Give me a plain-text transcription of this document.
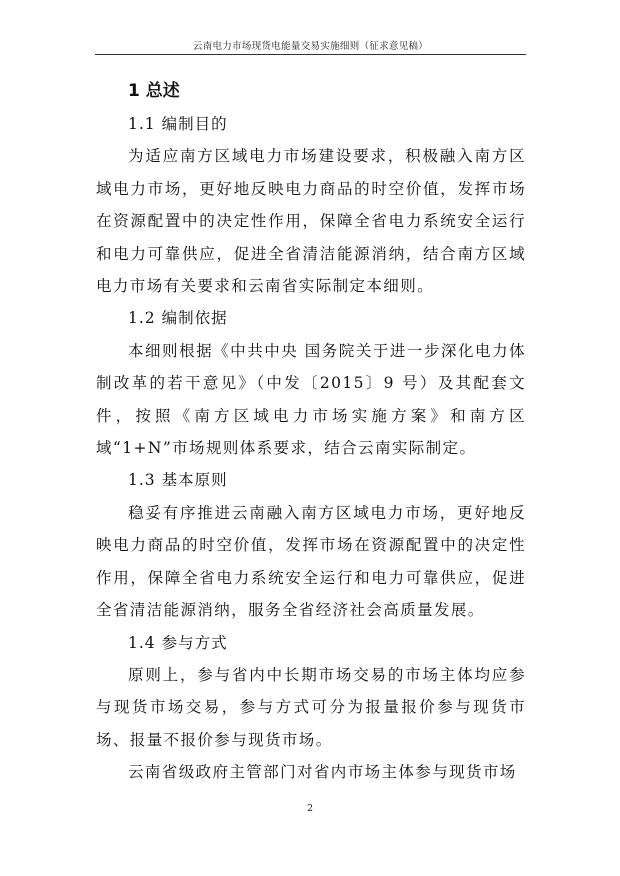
云南电力市场现货电能量交易实施细则（征求意见稿）
1 总述
1.1 编制目的

为适应南方区域电力市场建设要求，积极融入南方区域电力市场，更好地反映电力商品的时空价值，发挥市场在资源配置中的决定性作用，保障全省电力系统安全运行和电力可靠供应，促进全省清洁能源消纳，结合南方区域电力市场有关要求和云南省实际制定本细则。

1.2 编制依据

本细则根据《中共中央 国务院关于进一步深化电力体制改革的若干意见》（中发〔2015〕9 号）及其配套文件，按照《南方区域电力市场实施方案》和南方区域“1+N”市场规则体系要求，结合云南实际制定。

1.3 基本原则

稳妥有序推进云南融入南方区域电力市场，更好地反映电力商品的时空价值，发挥市场在资源配置中的决定性作用，保障全省电力系统安全运行和电力可靠供应，促进全省清洁能源消纳，服务全省经济社会高质量发展。

1.4 参与方式

原则上，参与省内中长期市场交易的市场主体均应参与现货市场交易，参与方式可分为报量报价参与现货市场、报量不报价参与现货市场。

云南省级政府主管部门对省内市场主体参与现货市场

2
